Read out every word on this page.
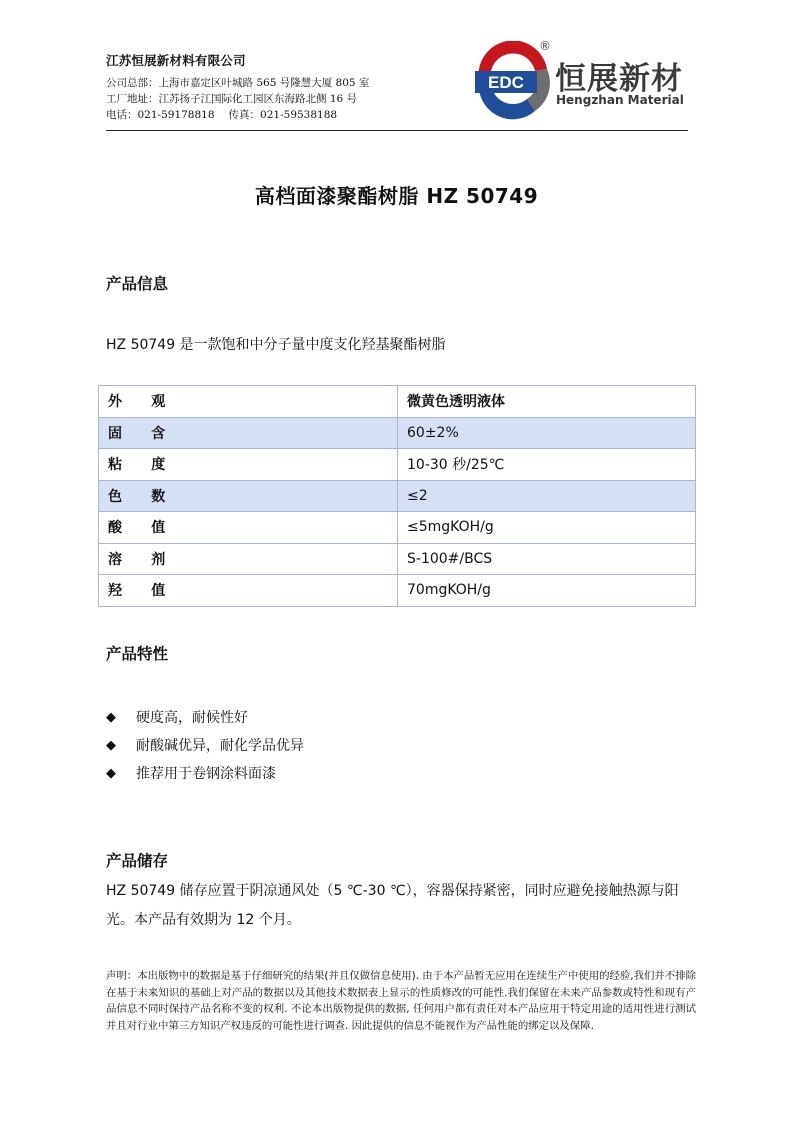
江苏恒展新材料有限公司
公司总部：上海市嘉定区叶城路 565 号隆慧大厦 805 室
工厂地址：江苏扬子江国际化工园区东海路北侧 16 号
电话：021-59178818 传真：021-59538188
EDC
®
恒展新材
Hengzhan Material
高档面漆聚酯树脂 HZ 50749
产品信息
HZ 50749 是一款饱和中分子量中度支化羟基聚酯树脂
外      观	微黄色透明液体
固      含	60±2%
粘      度	10-30 秒/25℃
色      数	≤2
酸      值	≤5mgKOH/g
溶      剂	S-100#/BCS
羟      值	70mgKOH/g
产品特性
◆	硬度高，耐候性好
◆	耐酸碱优异，耐化学品优异
◆	推荐用于卷钢涂料面漆
产品储存
HZ 50749 储存应置于阴凉通风处（5 ℃-30 ℃），容器保持紧密，同时应避免接触热源与阳光。本产品有效期为 12 个月。
声明：本出版物中的数据是基于仔细研究的结果(并且仅做信息使用). 由于本产品暂无应用在连续生产中使用的经验,我们并不排除在基于未来知识的基础上对产品的数据以及其他技术数据表上显示的性质修改的可能性.我们保留在未来产品参数或特性和现有产品信息不同时保持产品名称不变的权利. 不论本出版物提供的数据, 任何用户都有责任对本产品应用于特定用途的适用性进行测试并且对行业中第三方知识产权违反的可能性进行调查. 因此提供的信息不能视作为产品性能的绑定以及保障.
